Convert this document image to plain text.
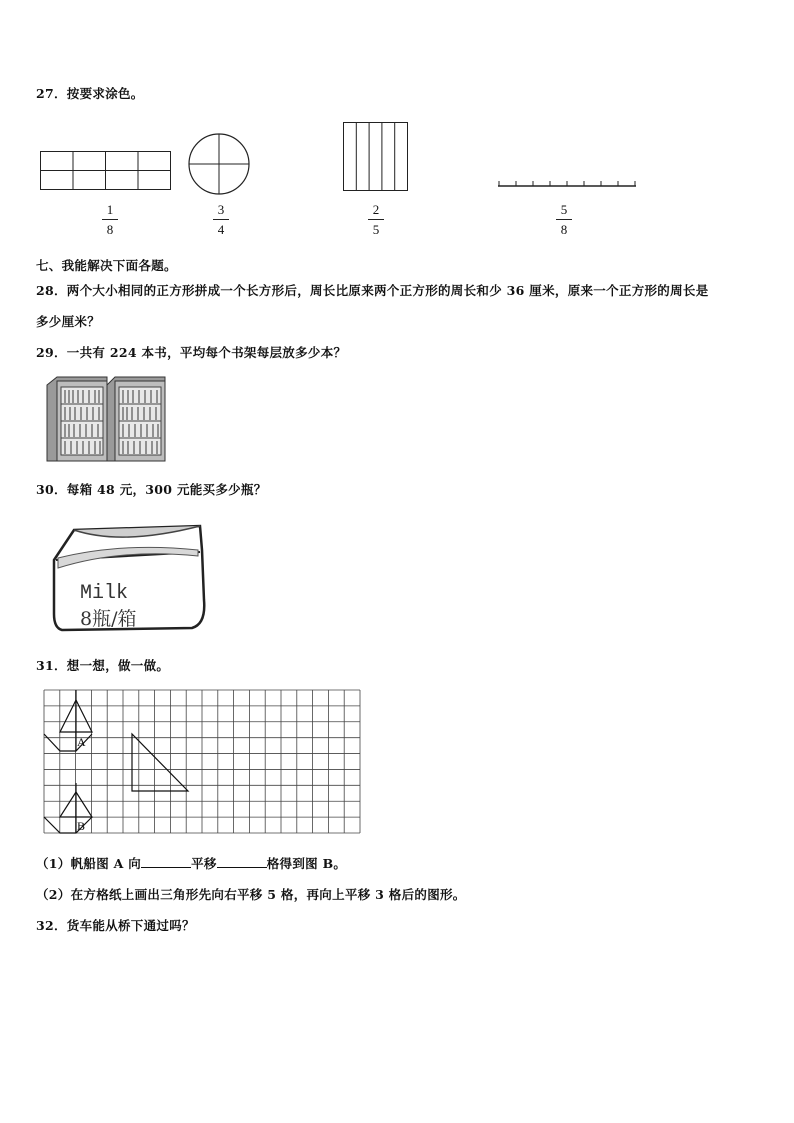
27．按要求涂色。
1
8
3
4
2
5
5
8
七、我能解决下面各题。
28．两个大小相同的正方形拼成一个长方形后，周长比原来两个正方形的周长和少 36 厘米，原来一个正方形的周长是
多少厘米？
29．一共有 224 本书，平均每个书架每层放多少本？
30．每箱 48 元，300 元能买多少瓶？
Milk
8瓶/箱
31．想一想，做一做。
A
B
（1）帆船图 A 向	平移	格得到图 B。
（2）在方格纸上画出三角形先向右平移 5 格，再向上平移 3 格后的图形。
32．货车能从桥下通过吗？
